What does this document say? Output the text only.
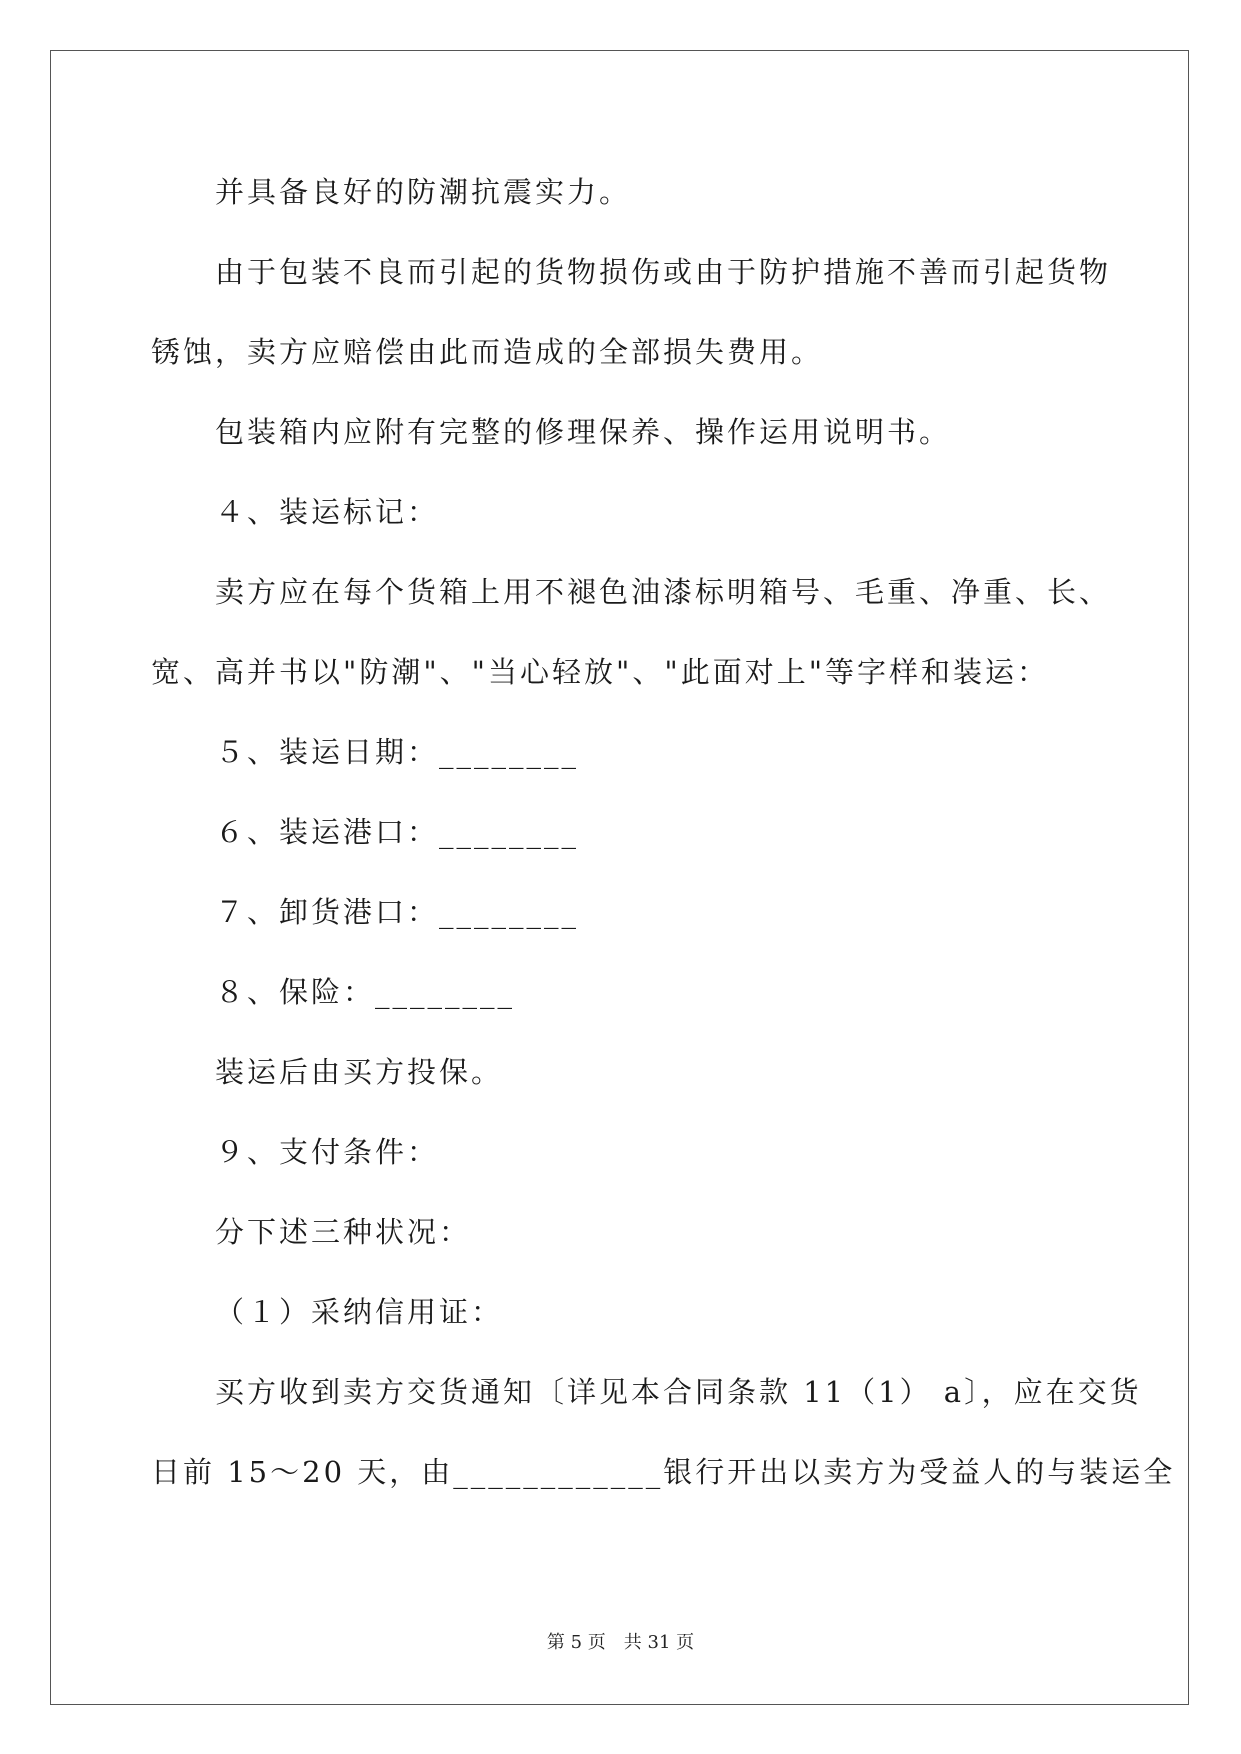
并具备良好的防潮抗震实力。
由于包装不良而引起的货物损伤或由于防护措施不善而引起货物
锈蚀，卖方应赔偿由此而造成的全部损失费用。
包装箱内应附有完整的修理保养、操作运用说明书。
４、装运标记：
卖方应在每个货箱上用不褪色油漆标明箱号、毛重、净重、长、
宽、高并书以"防潮"、"当心轻放"、"此面对上"等字样和装运：
５、装运日期：________
６、装运港口：________
７、卸货港口：________
８、保险：________
装运后由买方投保。
９、支付条件：
分下述三种状况：
（１）采纳信用证：
买方收到卖方交货通知〔详见本合同条款 11（1） a〕，应在交货
日前 15～20 天，由____________银行开出以卖方为受益人的与装运全
第 5 页　共 31 页
